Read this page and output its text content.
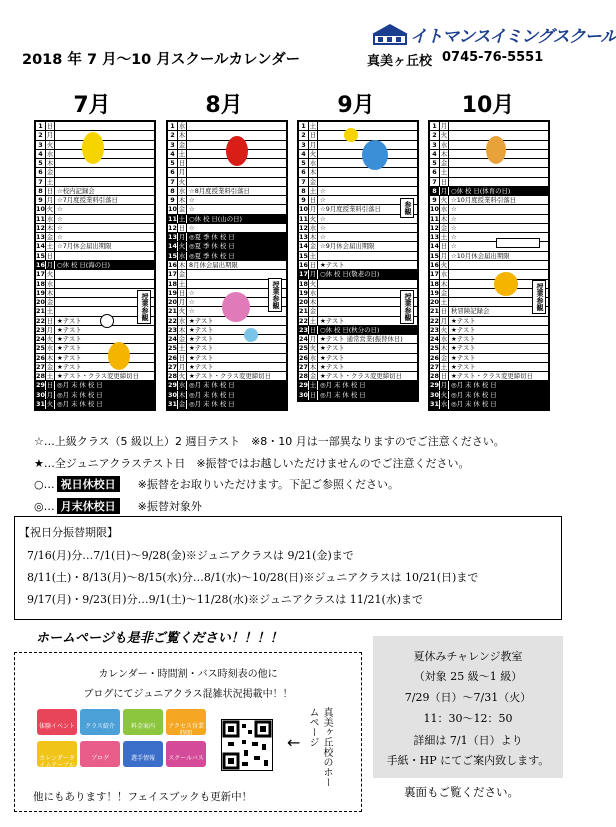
イトマンスイミングスクール
2018 年 7 月〜10 月スクールカレンダー	真美ヶ丘校 0745-76-5551
7月	8月	9月	10月
1 日
2 月
3 火
4 水
5 木
6 金
7 土
8 日 ☆校内記録会
9 月 ☆7月度授業料引落日
10 火 ☆
11 水 ☆
12 木 ☆
13 金 ☆
14 土 ☆7月休会届出期限
15 日
16 月 ○休 校 日(海の日)
17 火
18 水
19 木
20 金
21 土
22 日 ★テスト
23 月 ★テスト
24 火 ★テスト
25 水 ★テスト
26 木 ★テスト
27 金 ★テスト
28 土 ★テスト・クラス変更締切日
29 日 ◎月 末 休 校 日
30 月 ◎月 末 休 校 日
31 火 ◎月 末 休 校 日
1 水
2 木
3 金
4 土
5 日
6 月
7 火
8 水 ☆8月度授業料引落日
9 木 ☆
10 金 ☆
11 土 ○休 校 日(山の日)
12 日 ☆
13 月 ◎夏 季 休 校 日
14 火 ◎夏 季 休 校 日
15 水 ◎夏 季 休 校 日
16 木 8月休会届出期限
17 金
18 土
19 日 ☆
20 月 ☆
21 火 ☆
22 水 ★テスト
23 木 ★テスト
24 金 ★テスト
25 土 ★テスト
26 日 ★テスト
27 月 ★テスト
28 火 ★テスト・クラス変更締切日
29 水 ◎月 末 休 校 日
30 木 ◎月 末 休 校 日
31 金 ◎月 末 休 校 日
1 土
2 日
3 月
4 火
5 水
6 木
7 金
8 土 ☆
9 日 ☆
10 月 ☆9月度授業料引落日
11 火 ☆
12 水 ☆
13 木 ☆
14 金 ☆9月休会届出期限
15 土
16 日 ★テスト
17 月 ○休 校 日(敬老の日)
18 火
19 水
20 木
21 金
22 土 ★テスト
23 日 ○休 校 日(秋分の日)
24 月 ★テスト 通常営業(振替休日)
25 火 ★テスト
26 水 ★テスト
27 木 ★テスト
28 金 ★テスト・クラス変更締切日
29 土 ◎月 末 休 校 日
30 日 ◎月 末 休 校 日
1 月
2 火
3 水
4 木
5 金
6 土
7 日
8 月 ○休 校 日(体育の日)
9 火 ☆10月度授業料引落日
10 水 ☆
11 木 ☆
12 金 ☆
13 土 ☆
14 日 ☆
15 月 ☆10月休会届出期限
16 火
17 水
18 木
19 金
20 土
21 日 秋冒険記録会
22 月 ★テスト
23 火 ★テスト
24 水 ★テスト
25 木 ★テスト
26 金 ★テスト
27 土 ★テスト
28 日 ★テスト・クラス変更締切日
29 月 ◎月 末 休 校 日
30 火 ◎月 末 休 校 日
31 水 ◎月 末 休 校 日
授業参観	授業参観
参観
授業参観	授業参観
☆…上級クラス（5 級以上）2 週目テスト　※8・10 月は一部異なりますのでご注意ください。
★…全ジュニアクラステスト日　※振替ではお越しいただけませんのでご注意ください。
○… 祝日休校日 ※振替をお取りいただけます。下記ご参照ください。
◎… 月末休校日 ※振替対象外
【祝日分振替期限】
7/16(月)分…7/1(日)〜9/28(金)※ジュニアクラスは 9/21(金)まで
8/11(土)・8/13(月)〜8/15(水)分…8/1(水)〜10/28(日)※ジュニアクラスは 10/21(日)まで
9/17(月)・9/23(日)分…9/1(土)〜11/28(水)※ジュニアクラスは 11/21(水)まで
ホームページも是非ご覧ください！！！！
カレンダー・時間割・バス時刻表の他に
ブログにてジュニアクラス混雑状況掲載中！！
体験イベント	クラス紹介	料金案内	アクセス営業時間
カレンダータイムテーブル
ブログ	選手情報	スクールバス
←	真美ヶ丘校のホームページ
他にもあります！！フェイスブックも更新中！
夏休みチャレンジ教室
（対象 25 級〜1 級）
7/29（日）〜7/31（火）
11：30〜12：50
詳細は 7/1（日）より
手紙・HP にてご案内致します。
裏面もご覧ください。
